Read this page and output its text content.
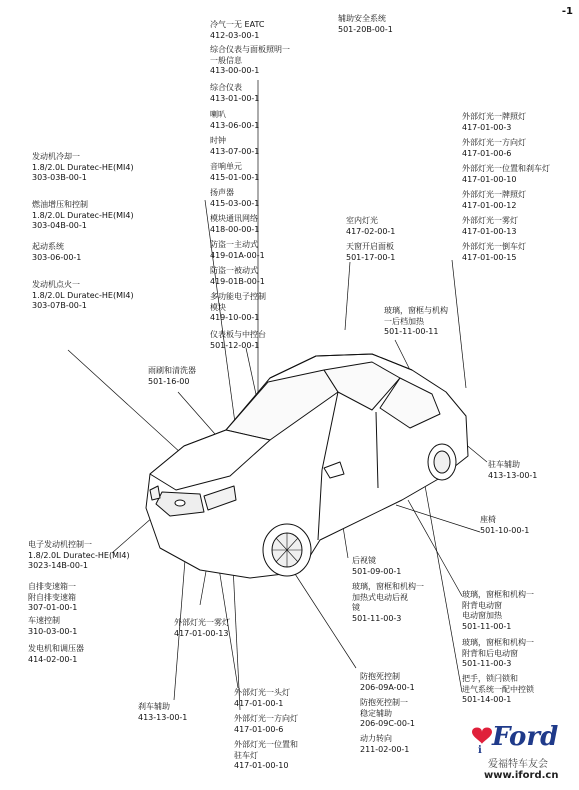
-1
发动机冷却一
1.8/2.0L Duratec-HE(MI4)
303-03B-00-1
燃油增压和控制
1.8/2.0L Duratec-HE(MI4)
303-04B-00-1
起动系统
303-06-00-1
发动机点火一
1.8/2.0L Duratec-HE(MI4)
303-07B-00-1
冷气一无 EATC
412-03-00-1
综合仪表与面板照明一
一般信息
413-00-00-1
综合仪表
413-01-00-1
喇叭
413-06-00-1
时钟
413-07-00-1
音响单元
415-01-00-1
扬声器
415-03-00-1
模块通讯网络
418-00-00-1
防盗一主动式
419-01A-00-1
防盗一被动式
419-01B-00-1
多功能电子控制
模块
419-10-00-1
仪表板与中控台
501-12-00-1
雨刷和清洗器
501-16-00
辅助安全系统
501-20B-00-1
室内灯光
417-02-00-1
天窗开启面板
501-17-00-1
玻璃，窗框与机构
一后档加热
501-11-00-11
外部灯光一牌照灯
417-01-00-3
外部灯光一方向灯
417-01-00-6
外部灯光一位置和刹车灯
417-01-00-10
外部灯光一牌照灯
417-01-00-12
外部灯光一雾灯
417-01-00-13
外部灯光一倒车灯
417-01-00-15
驻车辅助
413-13-00-1
座椅
501-10-00-1
电子发动机控制一
1.8/2.0L Duratec-HE(MI4)
3023-14B-00-1
自排变速箱一
附自排变速箱
307-01-00-1
车速控制
310-03-00-1
发电机和调压器
414-02-00-1
刹车辅助
413-13-00-1
外部灯光一雾灯
417-01-00-13
外部灯光一头灯
417-01-00-1
外部灯光一方向灯
417-01-00-6
外部灯光一位置和
驻车灯
417-01-00-10
后视镜
501-09-00-1
玻璃，窗框和机构一
加热式电动后视
镜
501-11-00-3
防抱死控制
206-09A-00-1
防抱死控制一
稳定辅助
206-09C-00-1
动力转向
211-02-00-1
玻璃，窗框和机构一
附背电动窗
电动窗加热
501-11-00-1
玻璃，窗框和机构一
附背和后电动窗
501-11-00-3
把手，锁闩锁和
进气系统一配中控锁
501-14-00-1
i Ford
爱福特车友会
www.iford.cn
